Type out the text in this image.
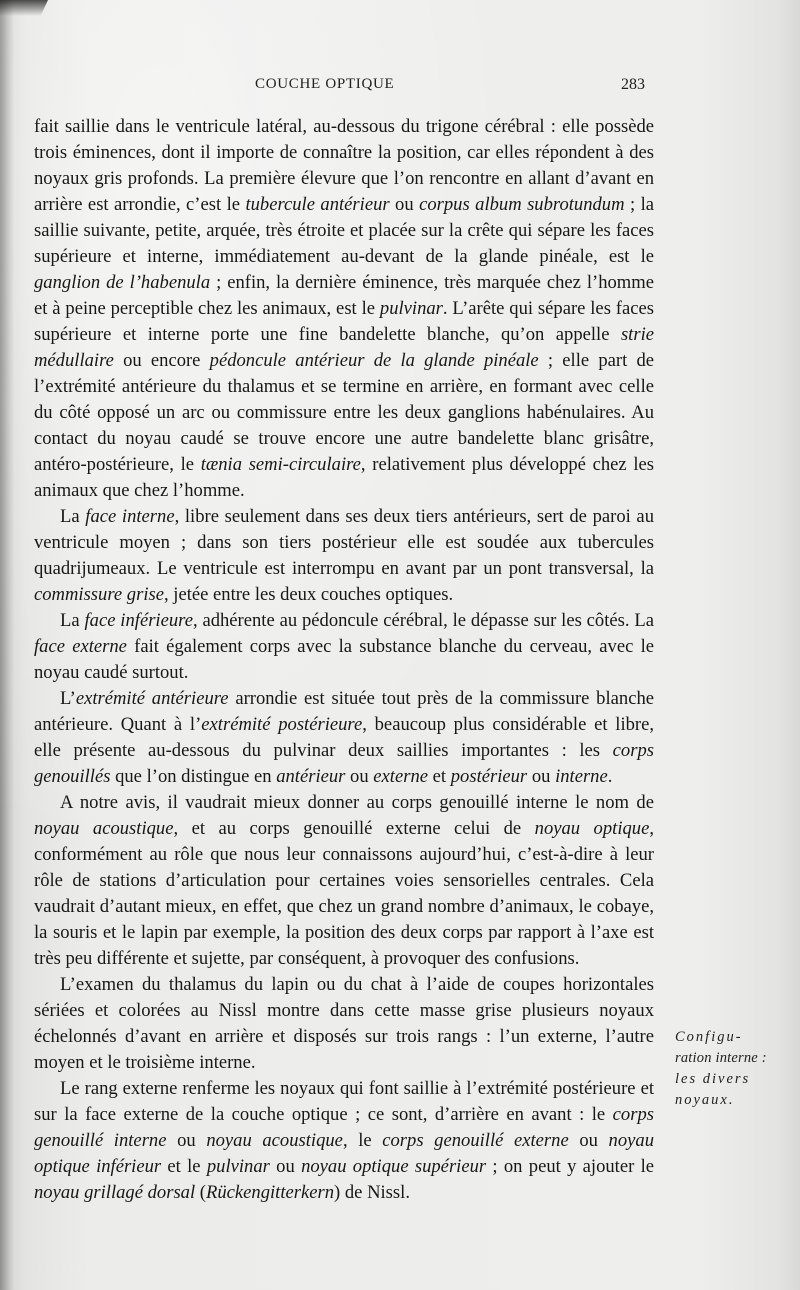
COUCHE OPTIQUE	283

fait saillie dans le ventricule latéral, au-dessous du trigone cérébral : elle possède trois éminences, dont il importe de connaître la position, car elles répondent à des noyaux gris profonds. La première élevure que l’on rencontre en allant d’avant en arrière est arrondie, c’est le tubercule antérieur ou corpus album subrotundum ; la saillie suivante, petite, arquée, très étroite et placée sur la crête qui sépare les faces supérieure et interne, immédiatement au-devant de la glande pinéale, est le ganglion de l’habenula ; enfin, la dernière éminence, très marquée chez l’homme et à peine perceptible chez les animaux, est le pulvinar. L’arête qui sépare les faces supérieure et interne porte une fine bandelette blanche, qu’on appelle strie médullaire ou encore pédoncule antérieur de la glande pinéale ; elle part de l’extrémité antérieure du thalamus et se termine en arrière, en formant avec celle du côté opposé un arc ou commissure entre les deux ganglions habénulaires. Au contact du noyau caudé se trouve encore une autre bandelette blanc grisâtre, antéro-postérieure, le tænia semi-circulaire, relativement plus développé chez les animaux que chez l’homme.

La face interne, libre seulement dans ses deux tiers antérieurs, sert de paroi au ventricule moyen ; dans son tiers postérieur elle est soudée aux tubercules quadrijumeaux. Le ventricule est interrompu en avant par un pont transversal, la commissure grise, jetée entre les deux couches optiques.

La face inférieure, adhérente au pédoncule cérébral, le dépasse sur les côtés. La face externe fait également corps avec la substance blanche du cerveau, avec le noyau caudé surtout.

L’extrémité antérieure arrondie est située tout près de la commissure blanche antérieure. Quant à l’extrémité postérieure, beaucoup plus considérable et libre, elle présente au-dessous du pulvinar deux saillies importantes : les corps genouillés que l’on distingue en antérieur ou externe et postérieur ou interne.

A notre avis, il vaudrait mieux donner au corps genouillé interne le nom de noyau acoustique, et au corps genouillé externe celui de noyau optique, conformément au rôle que nous leur connaissons aujourd’hui, c’est-à-dire à leur rôle de stations d’articulation pour certaines voies sensorielles centrales. Cela vaudrait d’autant mieux, en effet, que chez un grand nombre d’animaux, le cobaye, la souris et le lapin par exemple, la position des deux corps par rapport à l’axe est très peu différente et sujette, par conséquent, à provoquer des confusions.

L’examen du thalamus du lapin ou du chat à l’aide de coupes horizontales sériées et colorées au Nissl montre dans cette masse grise plusieurs noyaux échelonnés d’avant en arrière et disposés sur trois rangs : l’un externe, l’autre moyen et le troisième interne.

Le rang externe renferme les noyaux qui font saillie à l’extrémité postérieure et sur la face externe de la couche optique ; ce sont, d’arrière en avant : le corps genouillé interne ou noyau acoustique, le corps genouillé externe ou noyau optique inférieur et le pulvinar ou noyau optique supérieur ; on peut y ajouter le noyau grillagé dorsal (Rückengitterkern) de Nissl.

Configu-
ration interne :
les divers
noyaux.
